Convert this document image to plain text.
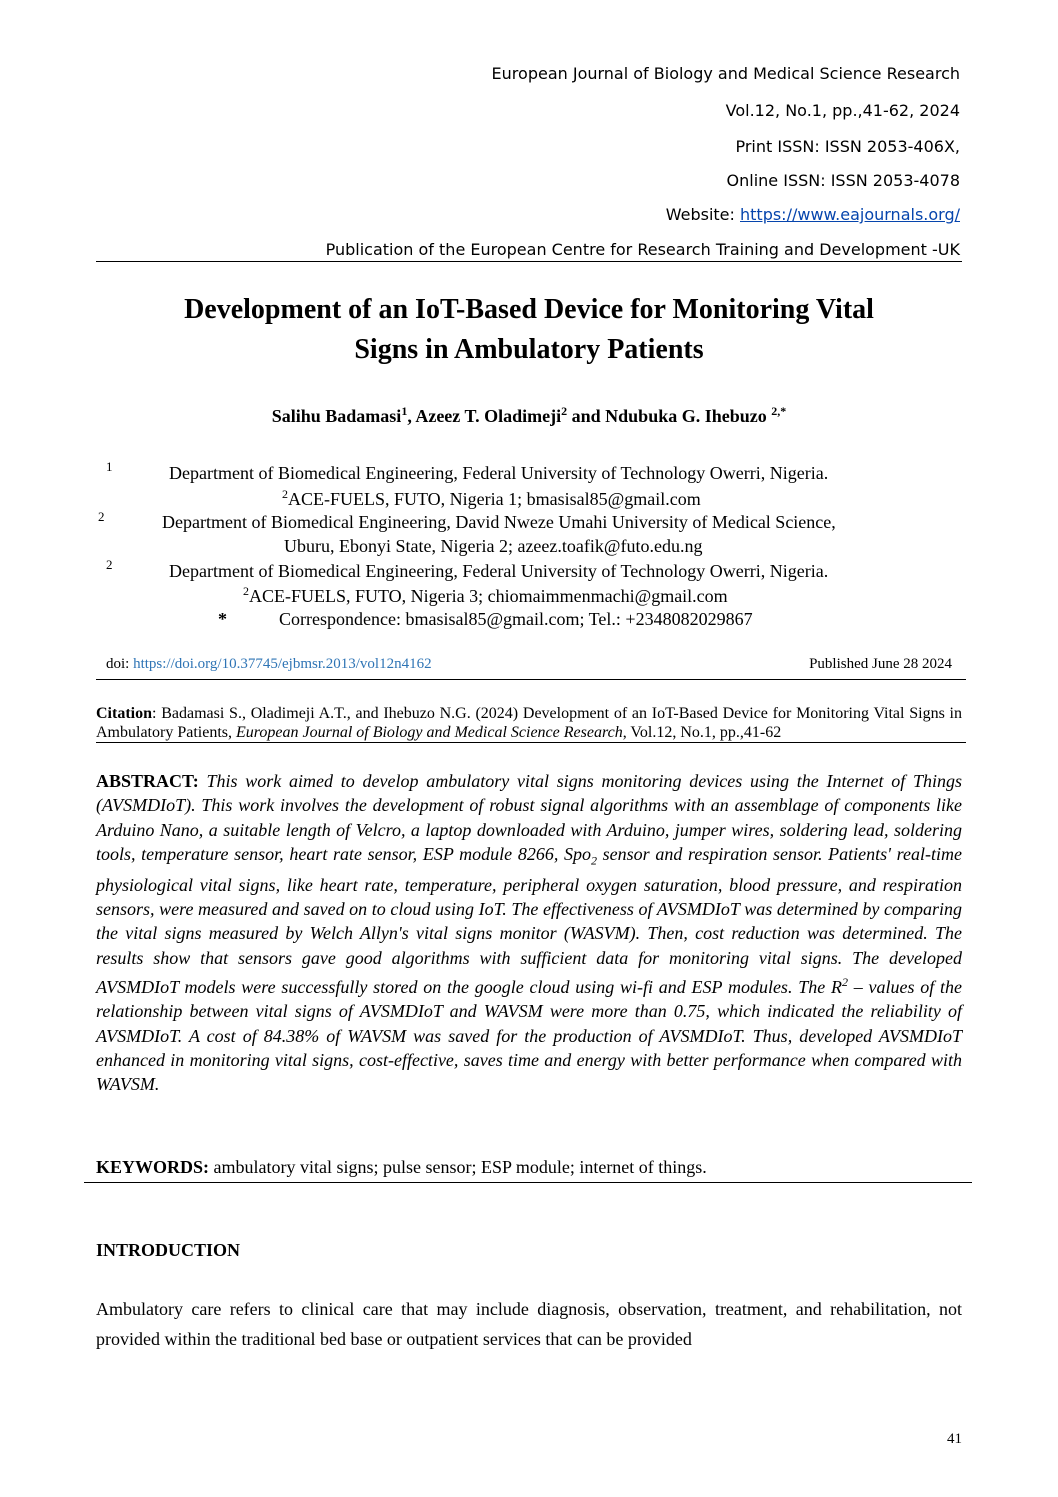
European Journal of Biology and Medical Science Research
Vol.12, No.1, pp.,41-62, 2024
Print ISSN: ISSN 2053-406X,
Online ISSN: ISSN 2053-4078
Website: https://www.eajournals.org/
Publication of the European Centre for Research Training and Development -UK
Development of an IoT-Based Device for Monitoring Vital
Signs in Ambulatory Patients
Salihu Badamasi$^1$, Azeez T. Oladimeji$^2$ and Ndubuka G. Ihebuzo $^{2,*}$
1	Department of Biomedical Engineering, Federal University of Technology Owerri, Nigeria.
$^2$ACE-FUELS, FUTO, Nigeria 1; bmasisal85@gmail.com
2	Department of Biomedical Engineering, David Nweze Umahi University of Medical Science,
Uburu, Ebonyi State, Nigeria 2; azeez.toafik@futo.edu.ng
2	Department of Biomedical Engineering, Federal University of Technology Owerri, Nigeria.
$^2$ACE-FUELS, FUTO, Nigeria 3; chiomaimmenmachi@gmail.com
*	Correspondence: bmasisal85@gmail.com; Tel.: +2348082029867
doi: https://doi.org/10.37745/ejbmsr.2013/vol12n4162	Published June 28 2024
Citation: Badamasi S., Oladimeji A.T., and Ihebuzo N.G. (2024) Development of an IoT-Based Device for Monitoring Vital Signs in Ambulatory Patients, European Journal of Biology and Medical Science Research, Vol.12, No.1, pp.,41-62
ABSTRACT: This work aimed to develop ambulatory vital signs monitoring devices using the Internet of Things (AVSMDIoT). This work involves the development of robust signal algorithms with an assemblage of components like Arduino Nano, a suitable length of Velcro, a laptop downloaded with Arduino, jumper wires, soldering lead, soldering tools, temperature sensor, heart rate sensor, ESP module 8266, Spo$_2$ sensor and respiration sensor. Patients' real-time physiological vital signs, like heart rate, temperature, peripheral oxygen saturation, blood pressure, and respiration sensors, were measured and saved on to cloud using IoT. The effectiveness of AVSMDIoT was determined by comparing the vital signs measured by Welch Allyn's vital signs monitor (WASVM). Then, cost reduction was determined. The results show that sensors gave good algorithms with sufficient data for monitoring vital signs. The developed AVSMDIoT models were successfully stored on the google cloud using wi-fi and ESP modules. The $R^2$ – values of the relationship between vital signs of AVSMDIoT and WAVSM were more than 0.75, which indicated the reliability of AVSMDIoT. A cost of 84.38% of WAVSM was saved for the production of AVSMDIoT. Thus, developed AVSMDIoT enhanced in monitoring vital signs, cost-effective, saves time and energy with better performance when compared with WAVSM.
KEYWORDS: ambulatory vital signs; pulse sensor; ESP module; internet of things.
INTRODUCTION
Ambulatory care refers to clinical care that may include diagnosis, observation, treatment, and rehabilitation, not provided within the traditional bed base or outpatient services that can be provided
41
